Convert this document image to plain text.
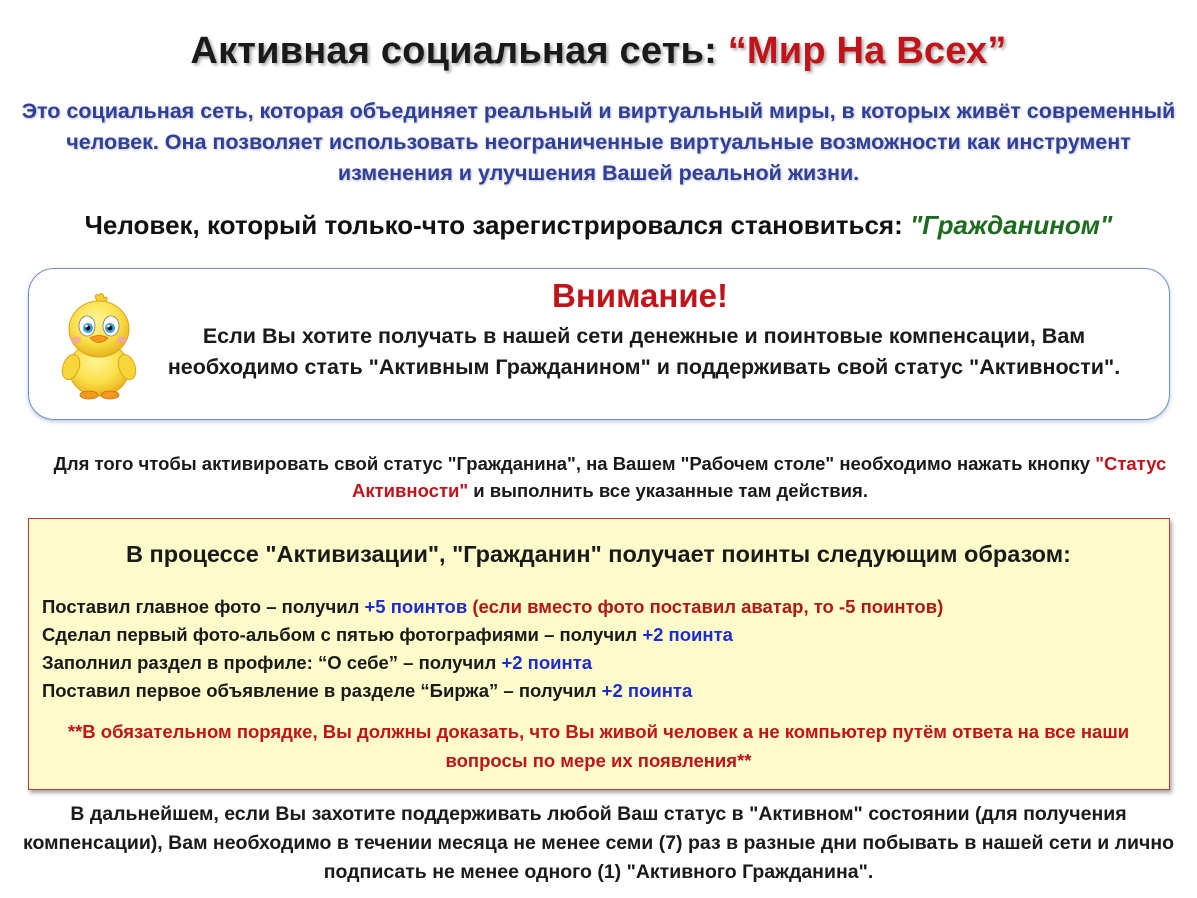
Активная социальная сеть: “Мир На Всех”

Это социальная сеть, которая объединяет реальный и виртуальный миры, в которых живёт современный человек. Она позволяет использовать неограниченные виртуальные возможности как инструмент изменения и улучшения Вашей реальной жизни.

Человек, который только-что зарегистрировался становиться: "Гражданином"

Внимание!

Если Вы хотите получать в нашей сети денежные и поинтовые компенсации, Вам необходимо стать "Активным Гражданином" и поддерживать свой статус "Активности".

Для того чтобы активировать свой статус "Гражданина", на Вашем "Рабочем столе" необходимо нажать кнопку "Статус Активности" и выполнить все указанные там действия.

В процессе "Активизации", "Гражданин" получает поинты следующим образом:
Поставил главное фото – получил +5 поинтов (если вместо фото поставил аватар, то -5 поинтов)
Сделал первый фото-альбом с пятью фотографиями – получил +2 поинта
Заполнил раздел в профиле: “О себе” – получил +2 поинта
Поставил первое объявление в разделе “Биржа” – получил +2 поинта

**В обязательном порядке, Вы должны доказать, что Вы живой человек а не компьютер путём ответа на все наши вопросы по мере их появления**

В дальнейшем, если Вы захотите поддерживать любой Ваш статус в "Активном" состоянии (для получения компенсации), Вам необходимо в течении месяца не менее семи (7) раз в разные дни побывать в нашей сети и лично подписать не менее одного (1) "Активного Гражданина".
